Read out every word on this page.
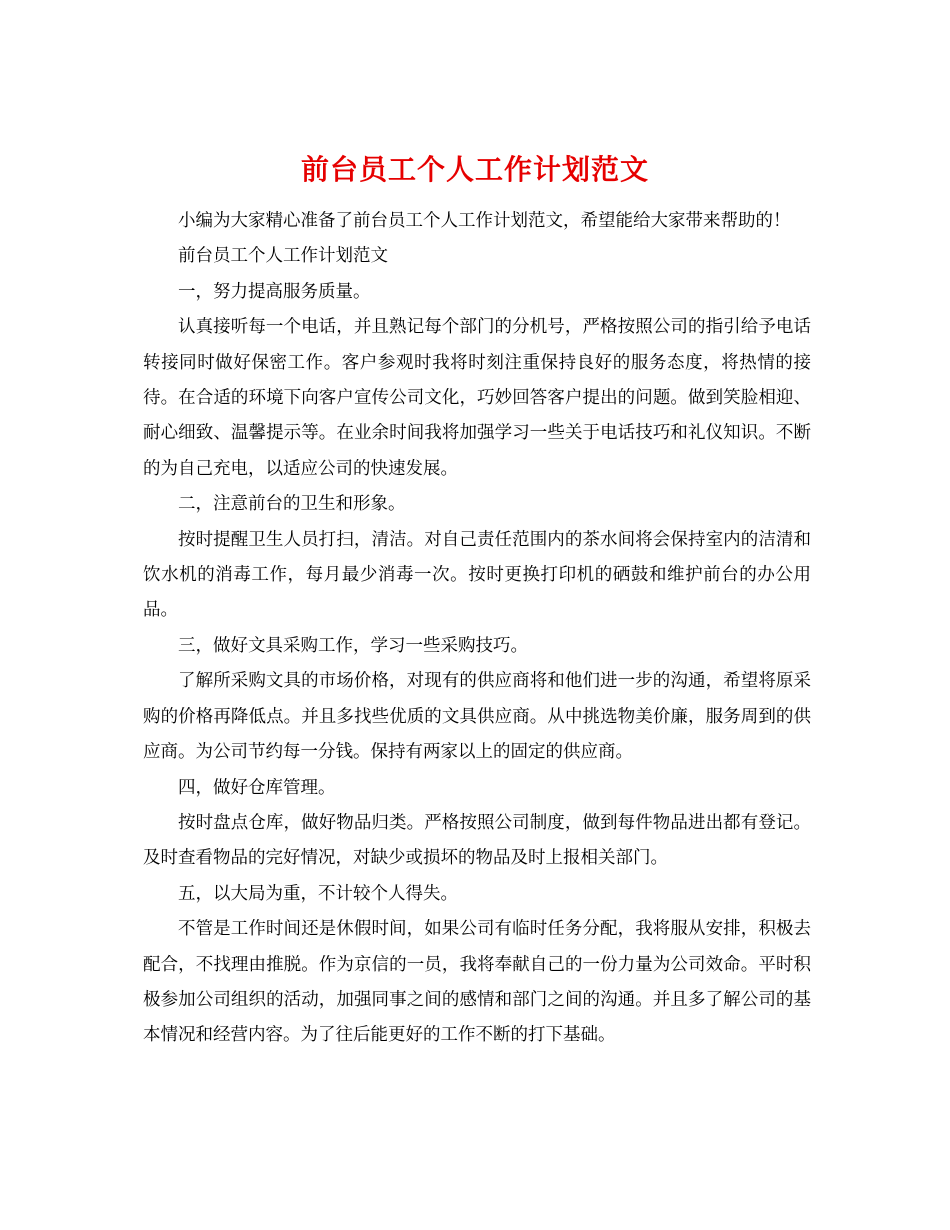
前台员工个人工作计划范文

小编为大家精心准备了前台员工个人工作计划范文，希望能给大家带来帮助的！

前台员工个人工作计划范文

一，努力提高服务质量。

认真接听每一个电话，并且熟记每个部门的分机号，严格按照公司的指引给予电话转接同时做好保密工作。客户参观时我将时刻注重保持良好的服务态度，将热情的接待。在合适的环境下向客户宣传公司文化，巧妙回答客户提出的问题。做到笑脸相迎、耐心细致、温馨提示等。在业余时间我将加强学习一些关于电话技巧和礼仪知识。不断的为自己充电，以适应公司的快速发展。

二，注意前台的卫生和形象。

按时提醒卫生人员打扫，清洁。对自己责任范围内的茶水间将会保持室内的洁清和饮水机的消毒工作，每月最少消毒一次。按时更换打印机的硒鼓和维护前台的办公用品。

三，做好文具采购工作，学习一些采购技巧。

了解所采购文具的市场价格，对现有的供应商将和他们进一步的沟通，希望将原采购的价格再降低点。并且多找些优质的文具供应商。从中挑选物美价廉，服务周到的供应商。为公司节约每一分钱。保持有两家以上的固定的供应商。

四，做好仓库管理。

按时盘点仓库，做好物品归类。严格按照公司制度，做到每件物品进出都有登记。及时查看物品的完好情况，对缺少或损坏的物品及时上报相关部门。

五，以大局为重，不计较个人得失。

不管是工作时间还是休假时间，如果公司有临时任务分配，我将服从安排，积极去配合，不找理由推脱。作为京信的一员，我将奉献自己的一份力量为公司效命。平时积极参加公司组织的活动，加强同事之间的感情和部门之间的沟通。并且多了解公司的基本情况和经营内容。为了往后能更好的工作不断的打下基础。
